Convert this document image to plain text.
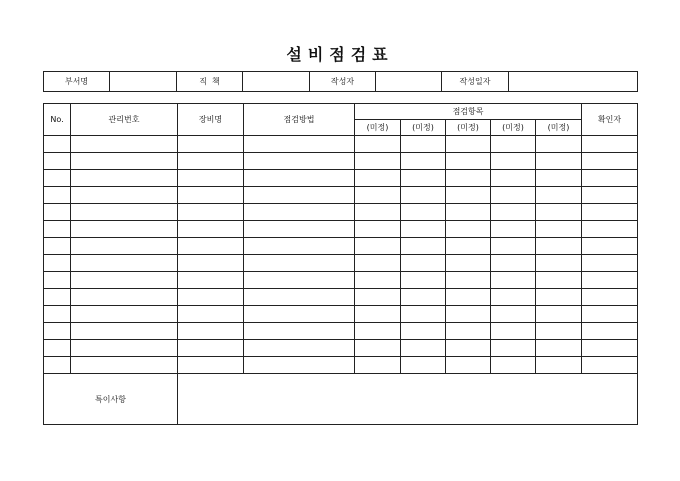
설비점검표
부서명		직  책		작성자		작성일자	
No.	관리번호	장비명	점검방법	점검항목					확인자
				(미정)	(미정)	(미정)	(미정)	(미정)	

특이사항									
